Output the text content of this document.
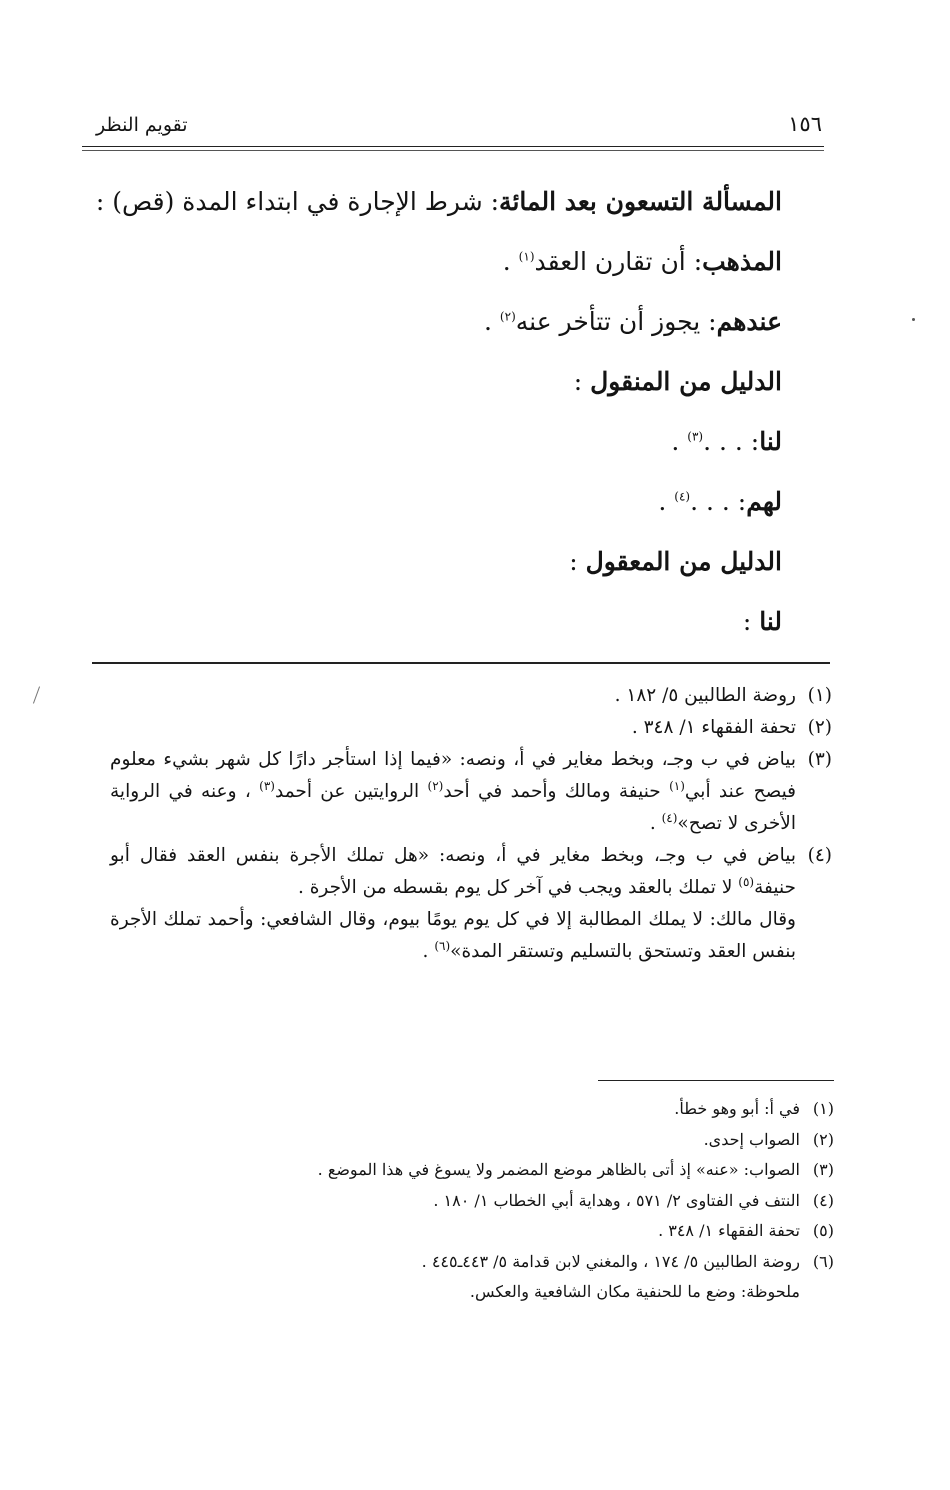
١٥٦
تقويم النظر
المسألة التسعون بعد المائة: شرط الإجارة في ابتداء المدة (قص) :
المذهب: أن تقارن العقد$^{(١)}$ .
عندهم: يجوز أن تتأخر عنه$^{(٢)}$ .
الدليل من المنقول :
لنا: . . .$^{(٣)}$ .
لهم: . . .$^{(٤)}$ .
الدليل من المعقول :
لنا :
(١)
روضة الطالبين ٥/ ١٨٢ .
(٢)
تحفة الفقهاء ١/ ٣٤٨ .
(٣)
بياض في ب وجـ، وبخط مغاير في أ، ونصه: «فيما إذا استأجر دارًا كل شهر بشيء معلوم فيصح عند أبي$^{(١)}$ حنيفة ومالك وأحمد في أحد$^{(٢)}$ الروايتين عن أحمد$^{(٣)}$ ، وعنه في الرواية الأخرى لا تصح»$^{(٤)}$ .
(٤)
بياض في ب وجـ، وبخط مغاير في أ، ونصه: «هل تملك الأجرة بنفس العقد فقال أبو حنيفة$^{(٥)}$ لا تملك بالعقد ويجب في آخر كل يوم بقسطه من الأجرة .
وقال مالك: لا يملك المطالبة إلا في كل يوم يومًا بيوم، وقال الشافعي: وأحمد تملك الأجرة بنفس العقد وتستحق بالتسليم وتستقر المدة»$^{(٦)}$ .
(١)
في أ: أبو وهو خطأ.
(٢)
الصواب إحدى.
(٣)
الصواب: «عنه» إذ أتى بالظاهر موضع المضمر ولا يسوغ في هذا الموضع .
(٤)
النتف في الفتاوى ٢/ ٥٧١ ، وهداية أبي الخطاب ١/ ١٨٠ .
(٥)
تحفة الفقهاء ١/ ٣٤٨ .
(٦)
روضة الطالبين ٥/ ١٧٤ ، والمغني لابن قدامة ٥/ ٤٤٣ـ٤٤٥ .
ملحوظة: وضع ما للحنفية مكان الشافعية والعكس.
